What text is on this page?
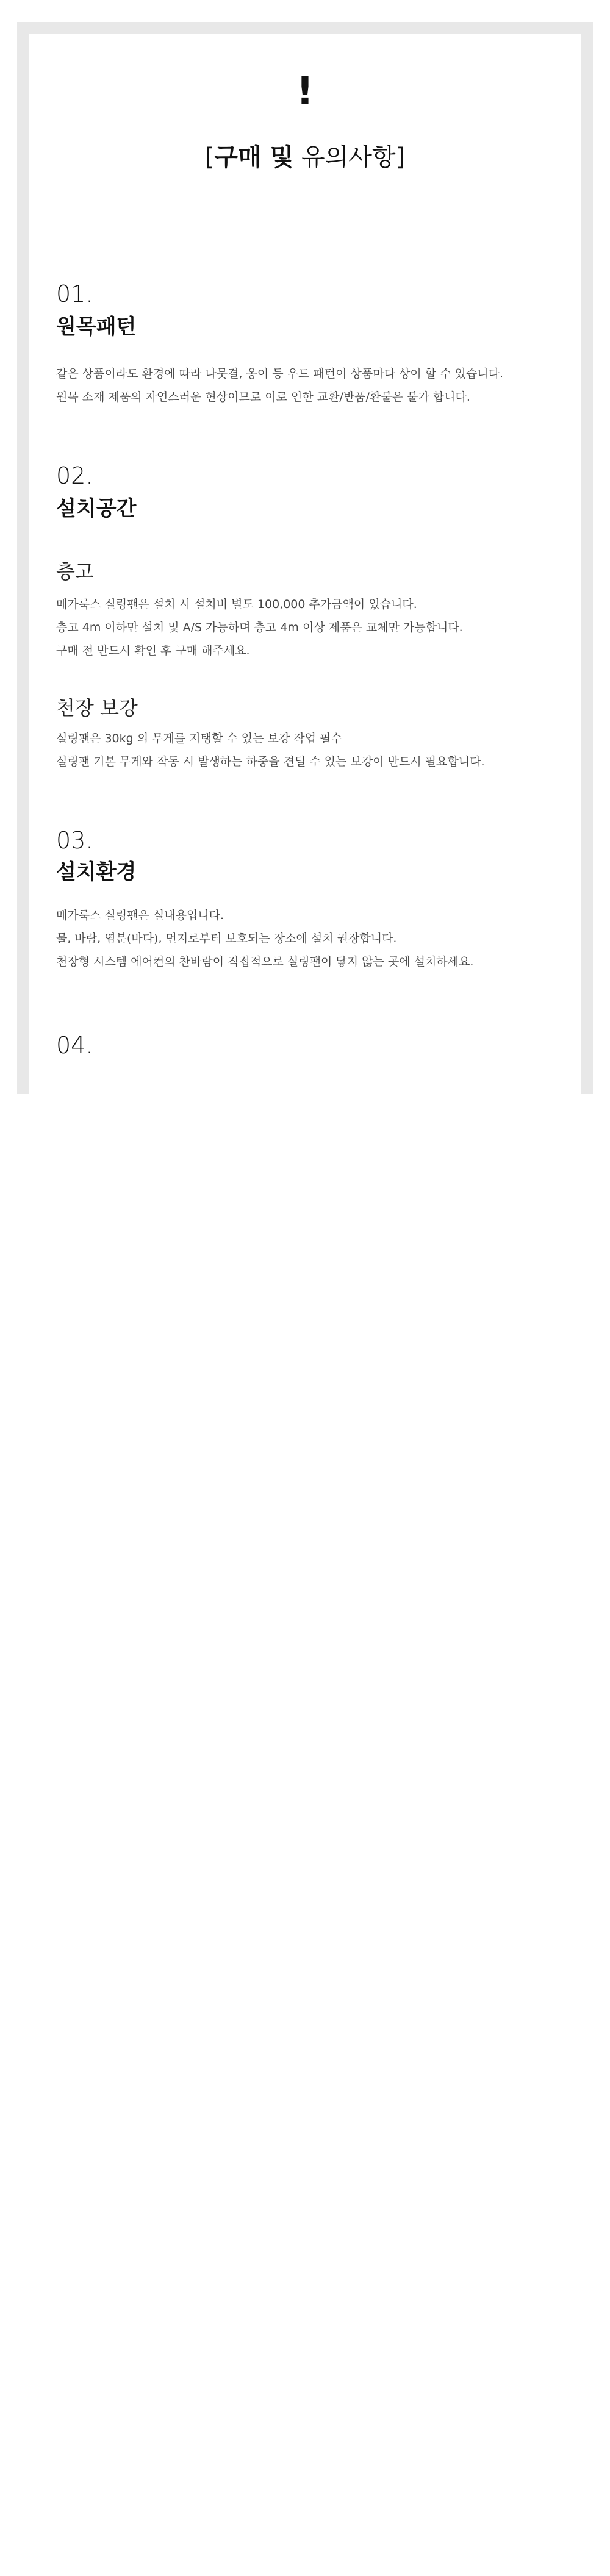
!
[구매 및 유의사항]
01.
원목패턴
같은 상품이라도 환경에 따라 나뭇결, 옹이 등 우드 패턴이 상품마다 상이 할 수 있습니다.
원목 소재 제품의 자연스러운 현상이므로 이로 인한 교환/반품/환불은 불가 합니다.
02.
설치공간
층고
메가룩스 실링팬은 설치 시 설치비 별도 100,000 추가금액이 있습니다.
층고 4m 이하만 설치 및 A/S 가능하며 층고 4m 이상 제품은 교체만 가능합니다.
구매 전 반드시 확인 후 구매 해주세요.
천장 보강
실링팬은 30kg 의 무게를 지탱할 수 있는 보강 작업 필수
실링팬 기본 무게와 작동 시 발생하는 하중을 견딜 수 있는 보강이 반드시 필요합니다.
03.
설치환경
메가룩스 실링팬은 실내용입니다.
물, 바람, 염분(바다), 먼지로부터 보호되는 장소에 설치 권장합니다.
천장형 시스템 에어컨의 찬바람이 직접적으로 실링팬이 닿지 않는 곳에 설치하세요.
04.
